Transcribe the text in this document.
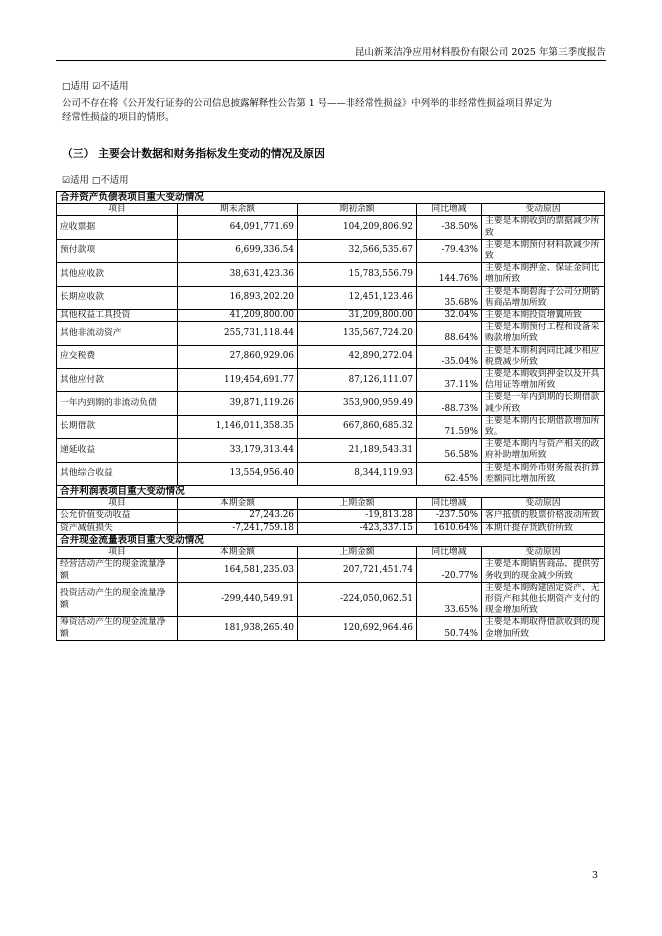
昆山新莱洁净应用材料股份有限公司 2025 年第三季度报告
□适用 ☑不适用
公司不存在将《公开发行证券的公司信息披露解释性公告第 1 号——非经常性损益》中列举的非经常性损益项目界定为
经常性损益的项目的情形。
（三） 主要会计数据和财务指标发生变动的情况及原因
☑适用 □不适用
合并资产负债表项目重大变动情况				
项目	期末余额	期初余额	同比增减	变动原因
应收票据	64,091,771.69	104,209,806.92	-38.50%	主要是本期收到的票据减少所致
预付款项	6,699,336.54	32,566,535.67	-79.43%	主要是本期预付材料款减少所致
其他应收款	38,631,423.36	15,783,556.79	144.76%	主要是本期押金、保证金同比增加所致
长期应收款	16,893,202.20	12,451,123.46	35.68%	主要是本期碧海子公司分期销售商品增加所致
其他权益工具投资	41,209,800.00	31,209,800.00	32.04%	主要是本期投资增翼所致
其他非流动资产	255,731,118.44	135,567,724.20	88.64%	主要是本期预付工程和设备采购款增加所致
应交税费	27,860,929.06	42,890,272.04	-35.04%	主要是本期利润同比减少相应税费减少所致
其他应付款	119,454,691.77	87,126,111.07	37.11%	主要是本期收到押金以及开具信用证等增加所致
一年内到期的非流动负债	39,871,119.26	353,900,959.49	-88.73%	主要是一年内到期的长期借款减少所致
长期借款	1,146,011,358.35	667,860,685.32	71.59%	主要是本期内长期借款增加所致。
递延收益	33,179,313.44	21,189,543.31	56.58%	主要是本期内与资产相关的政府补助增加所致
其他综合收益	13,554,956.40	8,344,119.93	62.45%	主要是本期外币财务报表折算差额同比增加所致
合并利润表项目重大变动情况				
项目	本期金额	上期金额	同比增减	变动原因
公允价值变动收益	27,243.26	-19,813.28	-237.50%	客户抵债的股票价格波动所致
资产减值损失	-7,241,759.18	-423,337.15	1610.64%	本期计提存货跌价所致
合并现金流量表项目重大变动情况				
项目	本期金额	上期金额	同比增减	变动原因
经营活动产生的现金流量净额	164,581,235.03	207,721,451.74	-20.77%	主要是本期销售商品、提供劳务收到的现金减少所致
投资活动产生的现金流量净额	-299,440,549.91	-224,050,062.51	33.65%	主要是本期购建固定资产、无形资产和其他长期资产支付的现金增加所致
筹资活动产生的现金流量净额	181,938,265.40	120,692,964.46	50.74%	主要是本期取得借款收到的现金增加所致
3
